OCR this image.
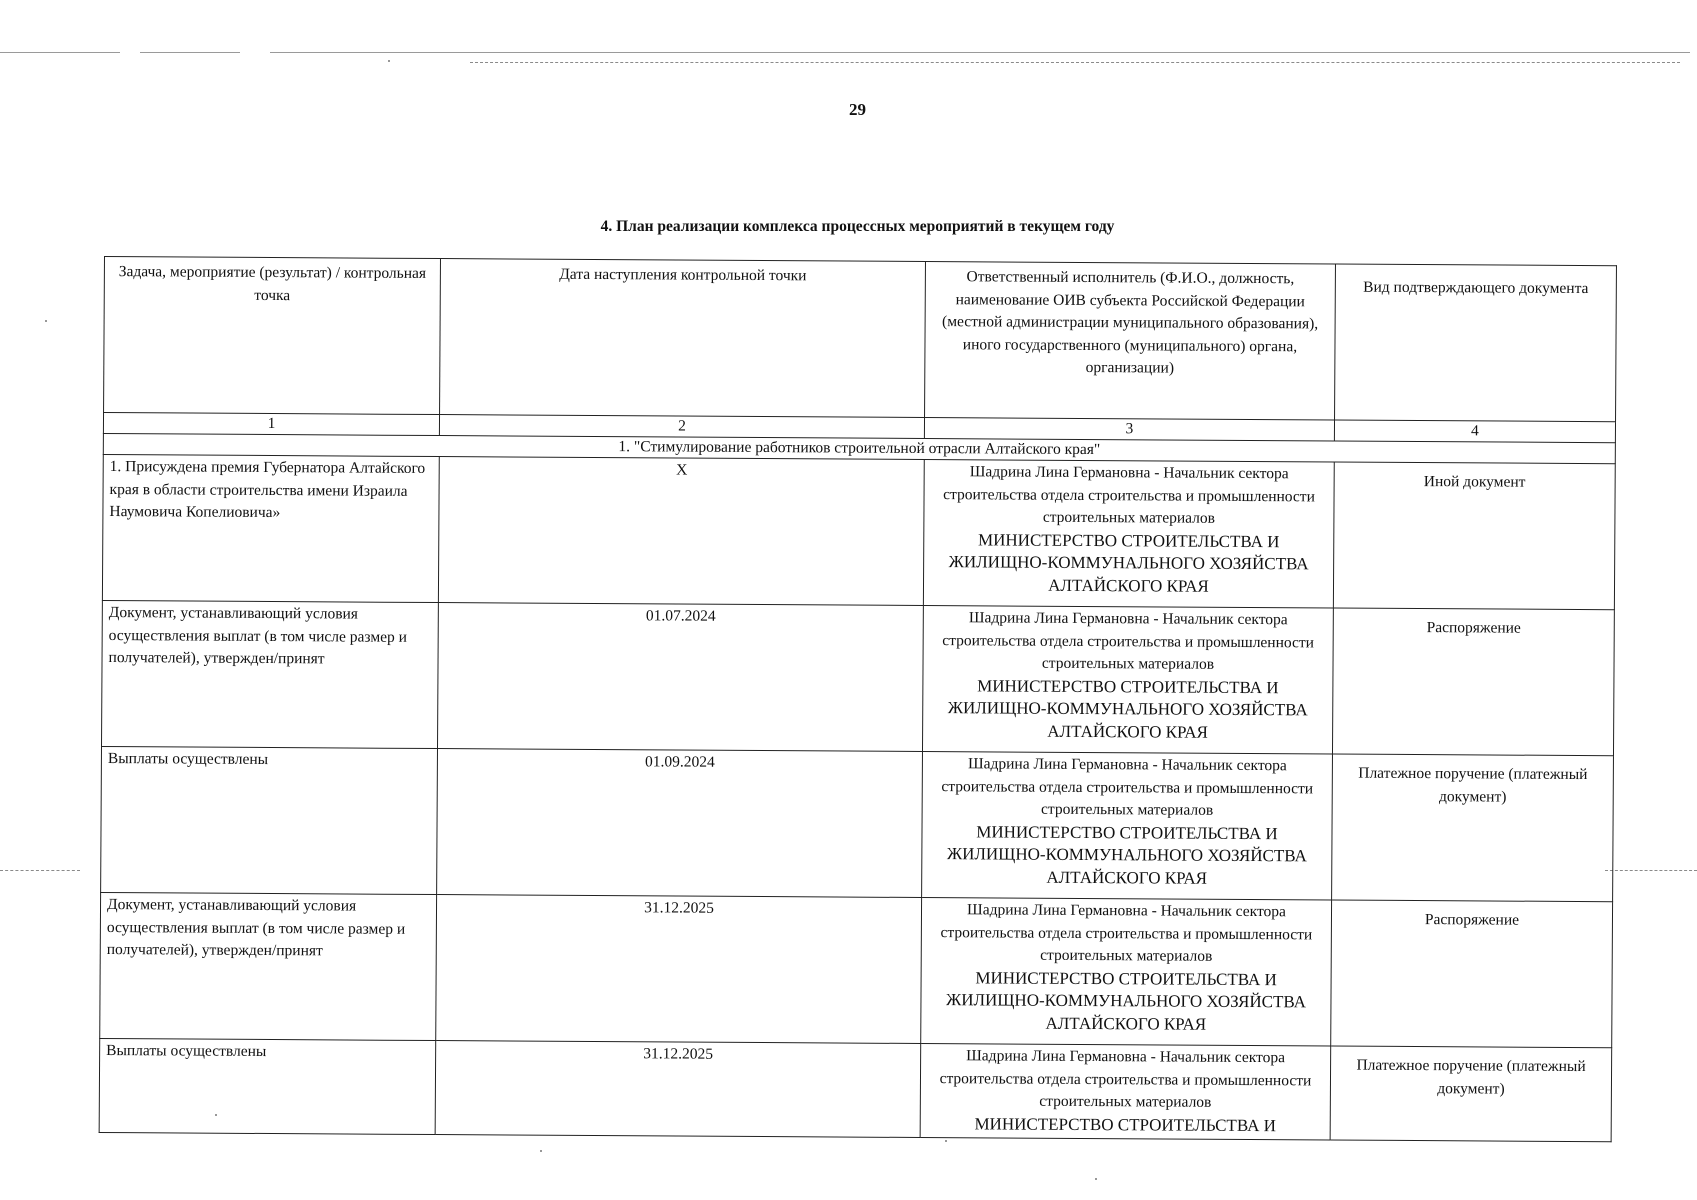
29
4. План реализации комплекса процессных мероприятий в текущем году
Задача, мероприятие (результат) / контрольная точка	Дата наступления контрольной точки	Ответственный исполнитель (Ф.И.О., должность, наименование ОИВ субъекта Российской Федерации (местной администрации муниципального образования), иного государственного (муниципального) органа, организации)	Вид подтверждающего документа
1	2	3	4
1. "Стимулирование работников строительной отрасли Алтайского края"			
1. Присуждена премия Губернатора Алтайского края в области строительства имени Израила Наумовича Копелиовича»	Х	Шадрина Лина Германовна - Начальник сектора строительства отдела строительства и промышленности строительных материалов
МИНИСТЕРСТВО СТРОИТЕЛЬСТВА И ЖИЛИЩНО-КОММУНАЛЬНОГО ХОЗЯЙСТВА АЛТАЙСКОГО КРАЯ	Иной документ
Документ, устанавливающий условия осуществления выплат (в том числе размер и получателей), утвержден/принят	01.07.2024	Шадрина Лина Германовна - Начальник сектора строительства отдела строительства и промышленности строительных материалов
МИНИСТЕРСТВО СТРОИТЕЛЬСТВА И ЖИЛИЩНО-КОММУНАЛЬНОГО ХОЗЯЙСТВА АЛТАЙСКОГО КРАЯ	Распоряжение
Выплаты осуществлены	01.09.2024	Шадрина Лина Германовна - Начальник сектора строительства отдела строительства и промышленности строительных материалов
МИНИСТЕРСТВО СТРОИТЕЛЬСТВА И ЖИЛИЩНО-КОММУНАЛЬНОГО ХОЗЯЙСТВА АЛТАЙСКОГО КРАЯ	Платежное поручение (платежный документ)
Документ, устанавливающий условия осуществления выплат (в том числе размер и получателей), утвержден/принят	31.12.2025	Шадрина Лина Германовна - Начальник сектора строительства отдела строительства и промышленности строительных материалов
МИНИСТЕРСТВО СТРОИТЕЛЬСТВА И ЖИЛИЩНО-КОММУНАЛЬНОГО ХОЗЯЙСТВА АЛТАЙСКОГО КРАЯ	Распоряжение
Выплаты осуществлены	31.12.2025	Шадрина Лина Германовна - Начальник сектора строительства отдела строительства и промышленности строительных материалов
МИНИСТЕРСТВО СТРОИТЕЛЬСТВА И	Платежное поручение (платежный документ)
